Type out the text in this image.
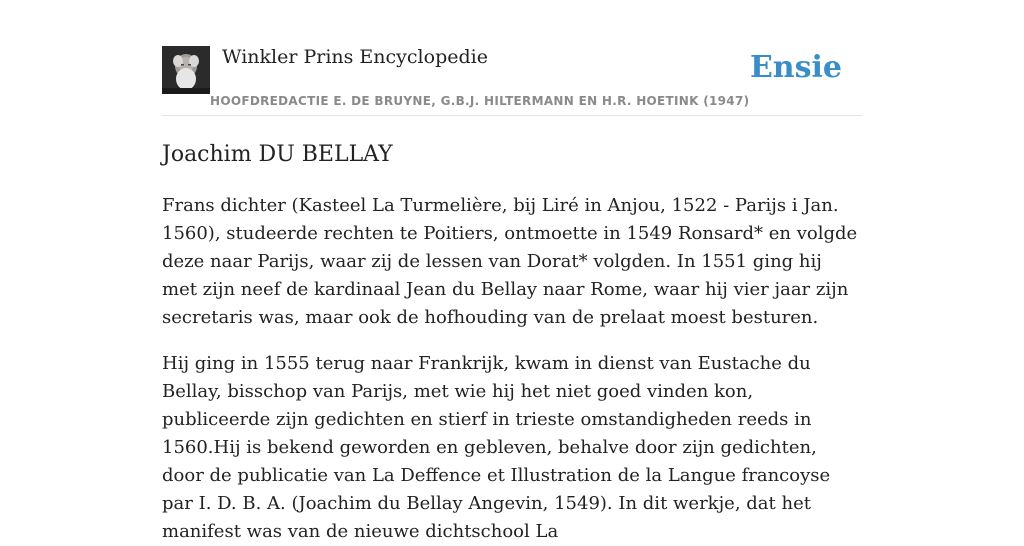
Winkler Prins Encyclopedie
HOOFDREDACTIE E. DE BRUYNE, G.B.J. HILTERMANN EN H.R. HOETINK (1947)
Ensie
Joachim DU BELLAY

Frans dichter (Kasteel La Turmelière, bij Liré in Anjou, 1522 - Parijs i Jan. 1560), studeerde rechten te Poitiers, ontmoette in 1549 Ronsard* en volgde deze naar Parijs, waar zij de lessen van Dorat* volgden. In 1551 ging hij met zijn neef de kardinaal Jean du Bellay naar Rome, waar hij vier jaar zijn secretaris was, maar ook de hofhouding van de prelaat moest besturen.

Hij ging in 1555 terug naar Frankrijk, kwam in dienst van Eustache du Bellay, bisschop van Parijs, met wie hij het niet goed vinden kon, publiceerde zijn gedichten en stierf in trieste omstandigheden reeds in 1560.Hij is bekend geworden en gebleven, behalve door zijn gedichten, door de publicatie van La Deffence et Illustration de la Langue francoyse par I. D. B. A. (Joachim du Bellay Angevin, 1549). In dit werkje, dat het manifest was van de nieuwe dichtschool La
